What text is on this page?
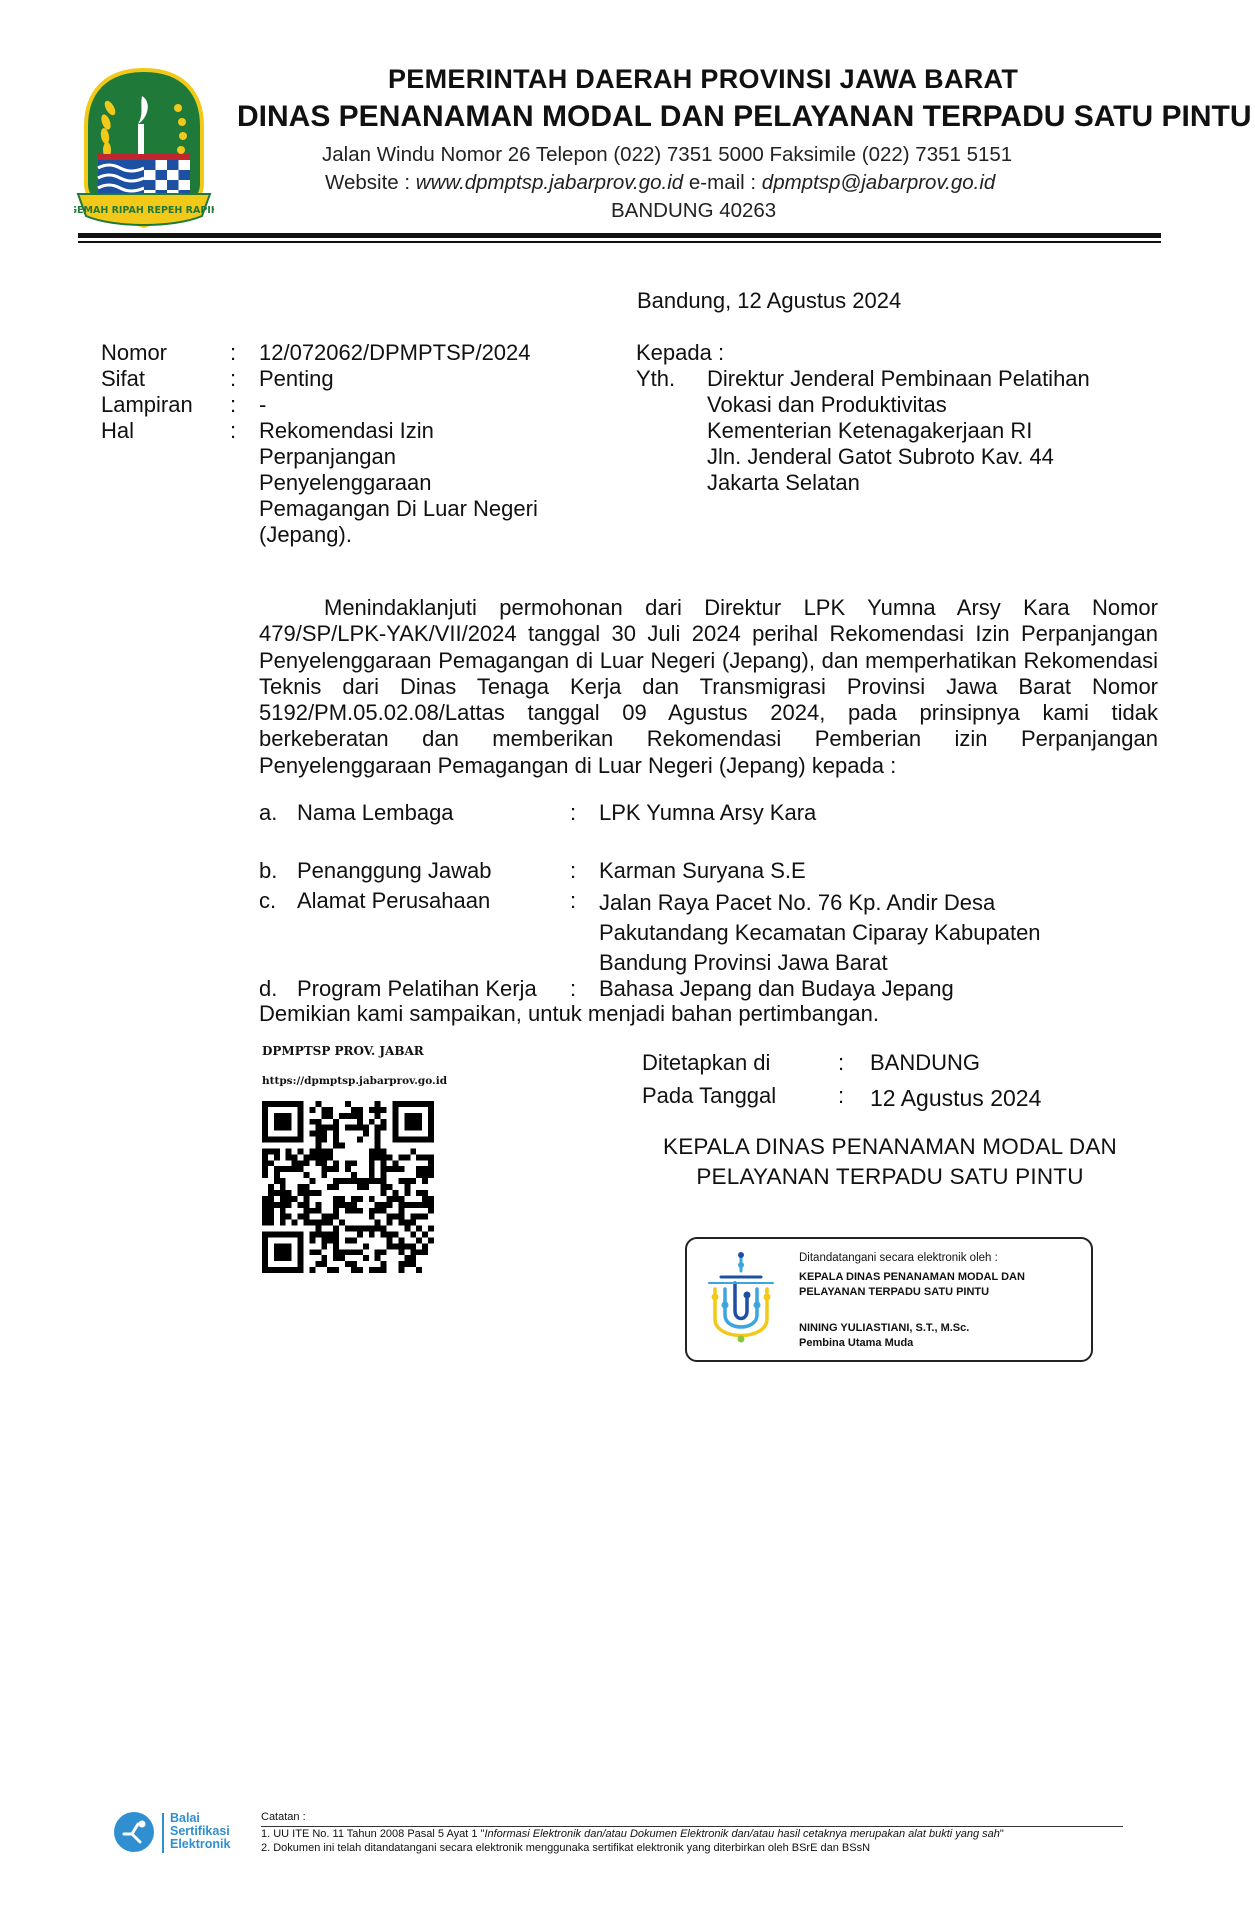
GEMAH RIPAH REPEH RAPIH
PEMERINTAH DAERAH PROVINSI JAWA BARAT
DINAS PENANAMAN MODAL DAN PELAYANAN TERPADU SATU PINTU
Jalan Windu Nomor 26 Telepon (022) 7351 5000 Faksimile (022) 7351 5151
Website : www.dpmptsp.jabarprov.go.id e-mail : dpmptsp@jabarprov.go.id
BANDUNG 40263
Bandung, 12 Agustus 2024
Nomor	: 12/072062/DPMPTSP/2024
Sifat	: Penting
Lampiran : -
Hal	: Rekomendasi Izin
Perpanjangan
Penyelenggaraan
Pemagangan Di Luar Negeri
(Jepang).
Kepada :
Yth. Direktur Jenderal Pembinaan Pelatihan
Vokasi dan Produktivitas
Kementerian Ketenagakerjaan RI
Jln. Jenderal Gatot Subroto Kav. 44
Jakarta Selatan
Menindaklanjuti permohonan dari Direktur LPK Yumna Arsy Kara Nomor 479/SP/LPK-YAK/VII/2024 tanggal 30 Juli 2024 perihal Rekomendasi Izin Perpanjangan Penyelenggaraan Pemagangan di Luar Negeri (Jepang), dan memperhatikan Rekomendasi Teknis dari Dinas Tenaga Kerja dan Transmigrasi Provinsi Jawa Barat Nomor 5192/PM.05.02.08/Lattas tanggal 09 Agustus 2024, pada prinsipnya kami tidak berkeberatan dan memberikan Rekomendasi Pemberian izin Perpanjangan Penyelenggaraan Pemagangan di Luar Negeri (Jepang) kepada :
a. Nama Lembaga	: LPK Yumna Arsy Kara
b. Penanggung Jawab	: Karman Suryana S.E
c. Alamat Perusahaan	: Jalan Raya Pacet No. 76 Kp. Andir Desa
Pakutandang Kecamatan Ciparay Kabupaten
Bandung Provinsi Jawa Barat
d. Program Pelatihan Kerja : Bahasa Jepang dan Budaya Jepang
Demikian kami sampaikan, untuk menjadi bahan pertimbangan.
DPMPTSP PROV. JABAR
https://dpmptsp.jabarprov.go.id
Ditetapkan di	: BANDUNG
Pada Tanggal	: 12 Agustus 2024
KEPALA DINAS PENANAMAN MODAL DAN
PELAYANAN TERPADU SATU PINTU
Ditandatangani secara elektronik oleh :
KEPALA DINAS PENANAMAN MODAL DAN
PELAYANAN TERPADU SATU PINTU
NINING YULIASTIANI, S.T., M.Sc.
Pembina Utama Muda
Balai
Sertifikasi
Elektronik
Catatan :
1. UU ITE No. 11 Tahun 2008 Pasal 5 Ayat 1 "Informasi Elektronik dan/atau Dokumen Elektronik dan/atau hasil cetaknya merupakan alat bukti yang sah"
2. Dokumen ini telah ditandatangani secara elektronik menggunaka sertifikat elektronik yang diterbirkan oleh BSrE dan BSsN
